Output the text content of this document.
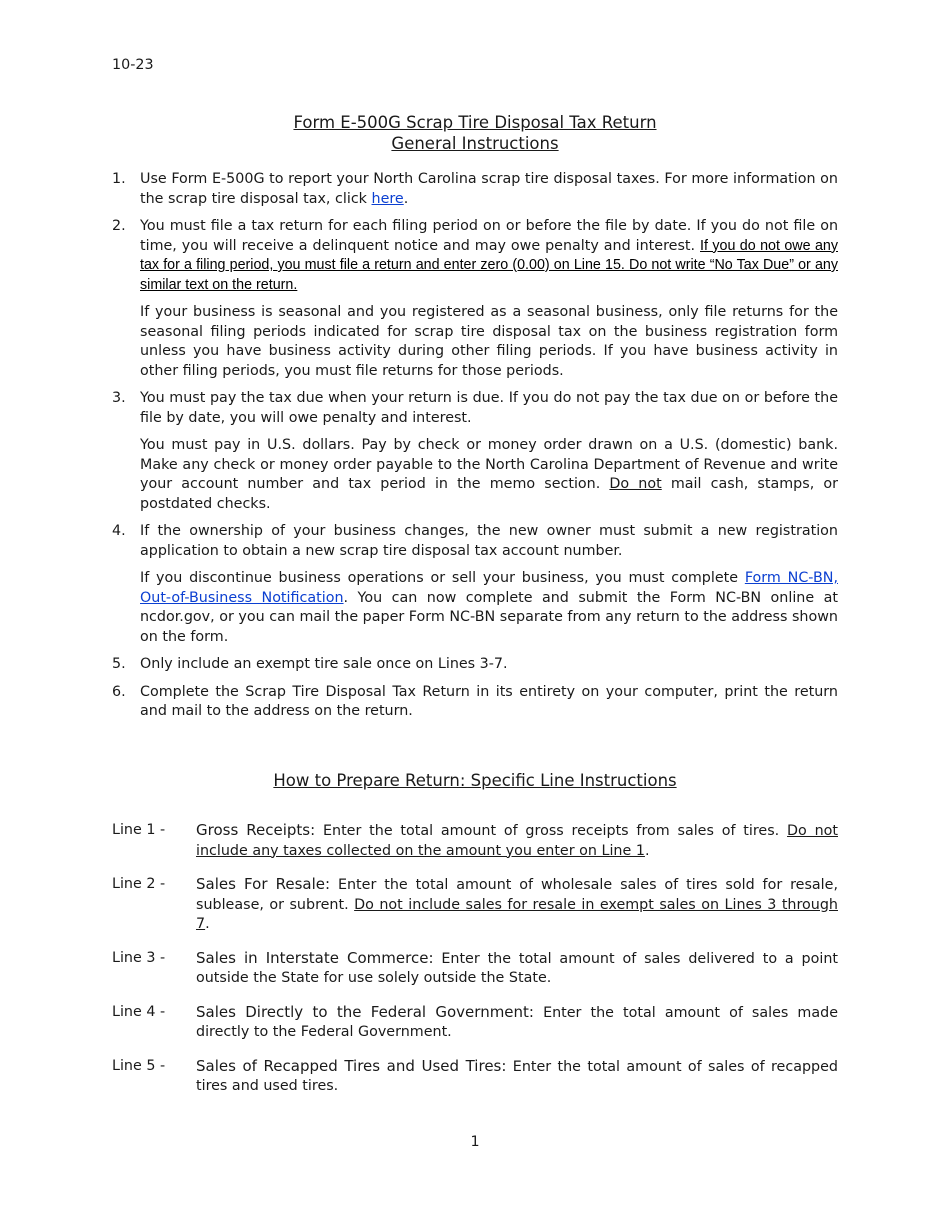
10-23
Form E-500G Scrap Tire Disposal Tax Return
General Instructions
1.	Use Form E-500G to report your North Carolina scrap tire disposal taxes. For more information on the scrap tire disposal tax, click here.

2.	You must file a tax return for each filing period on or before the file by date. If you do not file on time, you will receive a delinquent notice and may owe penalty and interest. If you do not owe any tax for a filing period, you must file a return and enter zero (0.00) on Line 15. Do not write “No Tax Due” or any similar text on the return.

If your business is seasonal and you registered as a seasonal business, only file returns for the seasonal filing periods indicated for scrap tire disposal tax on the business registration form unless you have business activity during other filing periods. If you have business activity in other filing periods, you must file returns for those periods.

3.	You must pay the tax due when your return is due. If you do not pay the tax due on or before the file by date, you will owe penalty and interest.

You must pay in U.S. dollars. Pay by check or money order drawn on a U.S. (domestic) bank. Make any check or money order payable to the North Carolina Department of Revenue and write your account number and tax period in the memo section. Do not mail cash, stamps, or postdated checks.

4.	If the ownership of your business changes, the new owner must submit a new registration application to obtain a new scrap tire disposal tax account number.

If you discontinue business operations or sell your business, you must complete Form NC-BN, Out-of-Business Notification. You can now complete and submit the Form NC-BN online at ncdor.gov, or you can mail the paper Form NC-BN separate from any return to the address shown on the form.

5.	Only include an exempt tire sale once on Lines 3-7.

6.	Complete the Scrap Tire Disposal Tax Return in its entirety on your computer, print the return and mail to the address on the return.

How to Prepare Return: Specific Line Instructions
Line 1 -	Gross Receipts: Enter the total amount of gross receipts from sales of tires. Do not include any taxes collected on the amount you enter on Line 1.
Line 2 -	Sales For Resale: Enter the total amount of wholesale sales of tires sold for resale, sublease, or subrent. Do not include sales for resale in exempt sales on Lines 3 through 7.
Line 3 -	Sales in Interstate Commerce: Enter the total amount of sales delivered to a point outside the State for use solely outside the State.
Line 4 -	Sales Directly to the Federal Government: Enter the total amount of sales made directly to the Federal Government.
Line 5 -	Sales of Recapped Tires and Used Tires: Enter the total amount of sales of recapped tires and used tires.
1
